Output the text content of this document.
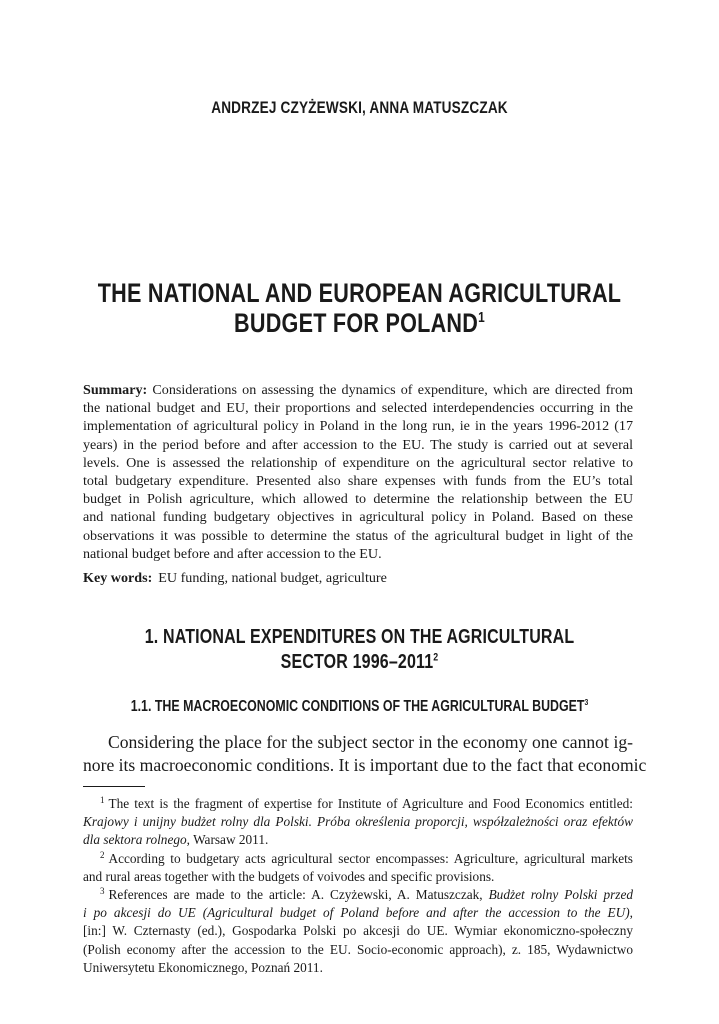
ANDRZEJ CZYŻEWSKI, ANNA MATUSZCZAK
THE NATIONAL AND EUROPEAN AGRICULTURAL
BUDGET FOR POLAND$^1$
Summary: Considerations on assessing the dynamics of expenditure, which are directed from
the national budget and EU, their proportions and selected interdependencies occurring in the
implementation of agricultural policy in Poland in the long run, ie in the years 1996-2012 (17
years) in the period before and after accession to the EU. The study is carried out at several
levels. One is assessed the relationship of expenditure on the agricultural sector relative to
total budgetary expenditure. Presented also share expenses with funds from the EU’s total
budget in Polish agriculture, which allowed to determine the relationship between the EU
and national funding budgetary objectives in agricultural policy in Poland. Based on these
observations it was possible to determine the status of the agricultural budget in light of the
national budget before and after accession to the EU.
Key words: EU funding, national budget, agriculture
1. NATIONAL EXPENDITURES ON THE AGRICULTURAL
SECTOR 1996–2011$^2$
1.1. THE MACROECONOMIC CONDITIONS OF THE AGRICULTURAL BUDGET$^3$
Considering the place for the subject sector in the economy one cannot ig-
nore its macroeconomic conditions. It is important due to the fact that economic
$^1$ The text is the fragment of expertise for Institute of Agriculture and Food Economics entitled:
Krajowy i unijny budżet rolny dla Polski. Próba określenia proporcji, współzależności oraz efektów
dla sektora rolnego, Warsaw 2011.
$^2$ According to budgetary acts agricultural sector encompasses: Agriculture, agricultural markets
and rural areas together with the budgets of voivodes and specific provisions.
$^3$ References are made to the article: A. Czyżewski, A. Matuszczak, Budżet rolny Polski przed
i po akcesji do UE (Agricultural budget of Poland before and after the accession to the EU),
[in:] W. Czternasty (ed.), Gospodarka Polski po akcesji do UE. Wymiar ekonomiczno-społeczny
(Polish economy after the accession to the EU. Socio-economic approach), z. 185, Wydawnictwo
Uniwersytetu Ekonomicznego, Poznań 2011.
